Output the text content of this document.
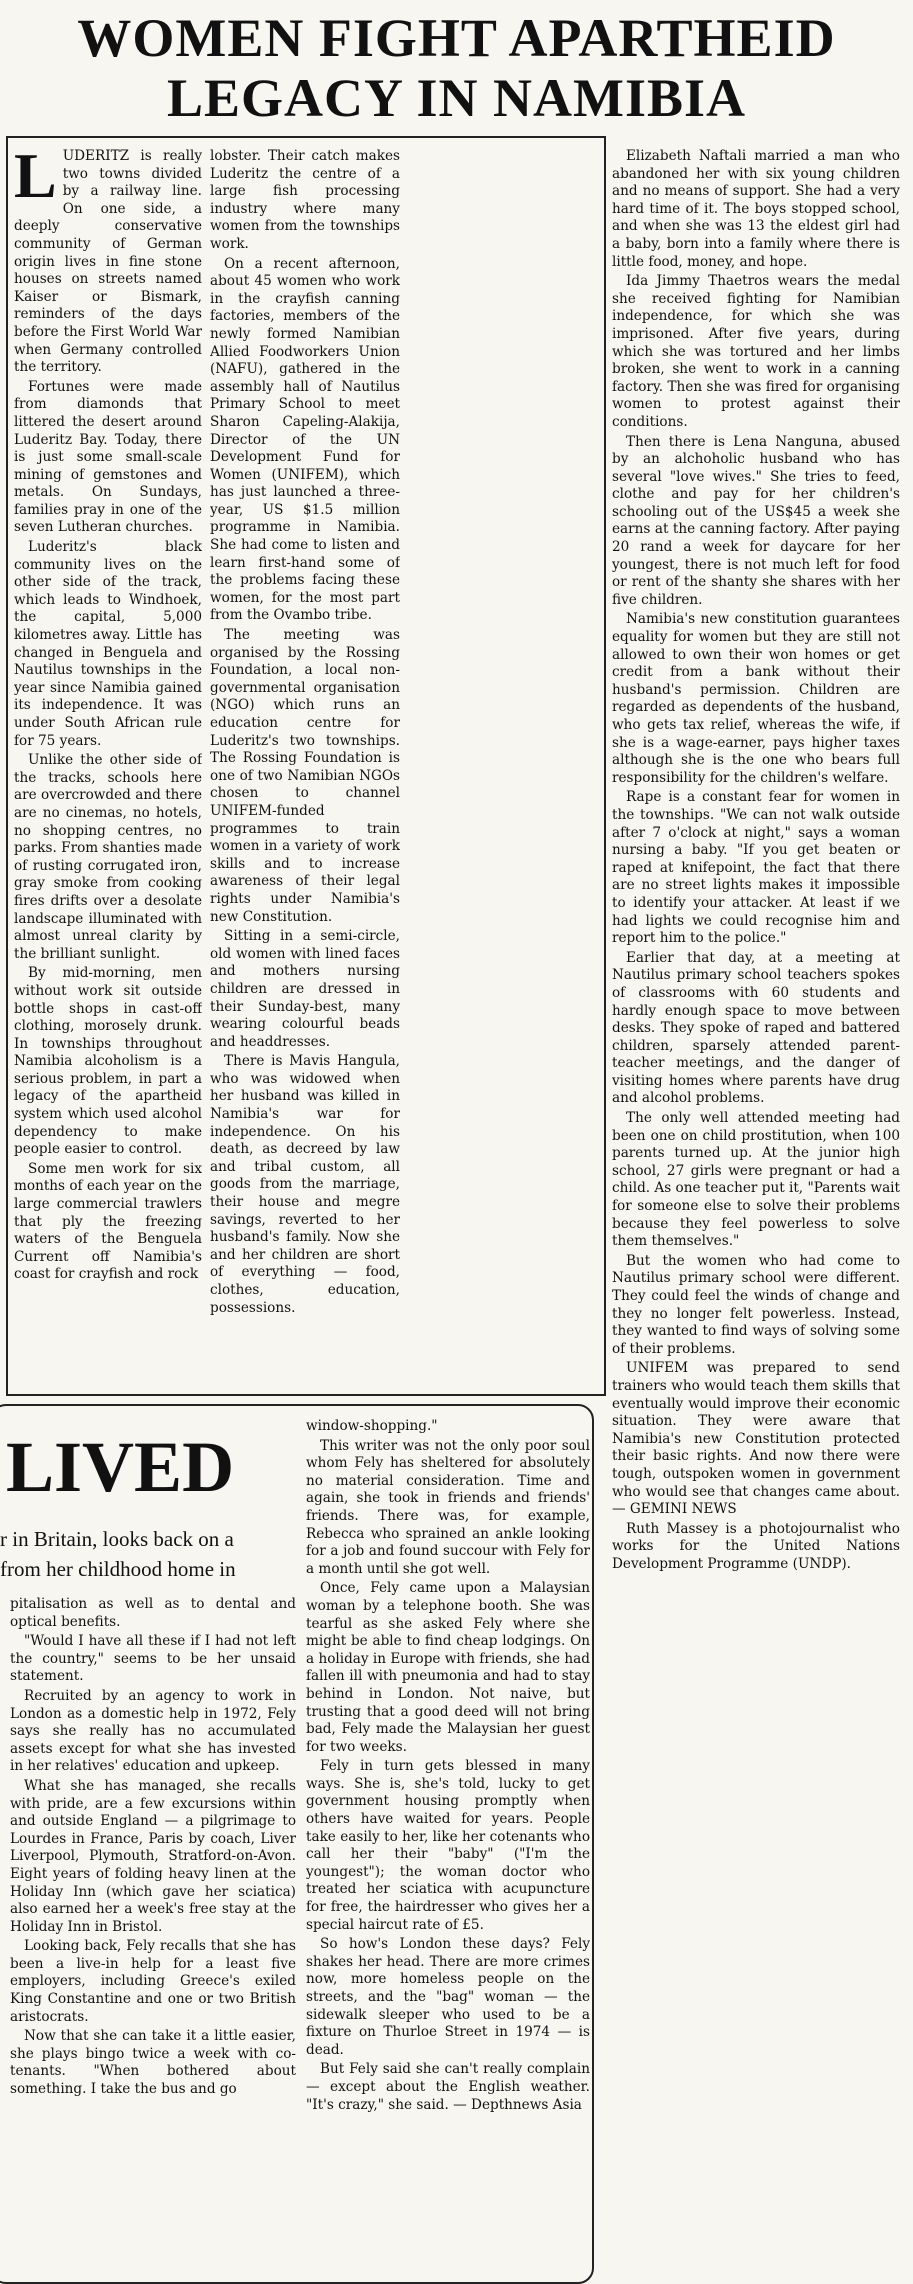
WOMEN FIGHT APARTHEID
LEGACY IN NAMIBIA

LUDERITZ is really two towns divided by a railway line. On one side, a deeply conservative community of German origin lives in fine stone houses on streets named Kaiser or Bismark, reminders of the days before the First World War when Germany controlled the territory.

Fortunes were made from diamonds that littered the desert around Luderitz Bay. Today, there is just some small-scale mining of gemstones and metals. On Sundays, families pray in one of the seven Lutheran churches.

Luderitz's black community lives on the other side of the track, which leads to Windhoek, the capital, 5,000 kilometres away. Little has changed in Benguela and Nautilus townships in the year since Namibia gained its independence. It was under South African rule for 75 years.

Unlike the other side of the tracks, schools here are overcrowded and there are no cinemas, no hotels, no shopping centres, no parks. From shanties made of rusting corrugated iron, gray smoke from cooking fires drifts over a desolate landscape illuminated with almost unreal clarity by the brilliant sunlight.

By mid-morning, men without work sit outside bottle shops in cast-off clothing, morosely drunk. In townships throughout Namibia alcoholism is a serious problem, in part a legacy of the apartheid system which used alcohol dependency to make people easier to control.

Some men work for six months of each year on the large commercial trawlers that ply the freezing waters of the Benguela Current off Namibia's coast for crayfish and rock

lobster. Their catch makes Luderitz the centre of a large fish processing industry where many women from the townships work.

On a recent afternoon, about 45 women who work in the crayfish canning factories, members of the newly formed Namibian Allied Foodworkers Union (NAFU), gathered in the assembly hall of Nautilus Primary School to meet Sharon Capeling-Alakija, Director of the UN Development Fund for Women (UNIFEM), which has just launched a three-year, US $1.5 million programme in Namibia. She had come to listen and learn first-hand some of the problems facing these women, for the most part from the Ovambo tribe.

The meeting was organised by the Rossing Foundation, a local non-governmental organisation (NGO) which runs an education centre for Luderitz's two townships. The Rossing Foundation is one of two Namibian NGOs chosen to channel UNIFEM-funded programmes to train women in a variety of work skills and to increase awareness of their legal rights under Namibia's new Constitution.

Sitting in a semi-circle, old women with lined faces and mothers nursing children are dressed in their Sunday-best, many wearing colourful beads and headdresses.

There is Mavis Hangula, who was widowed when her husband was killed in Namibia's war for independence. On his death, as decreed by law and tribal custom, all goods from the marriage, their house and megre savings, reverted to her husband's family. Now she and her children are short of everything — food, clothes, education, possessions.

Elizabeth Naftali married a man who abandoned her with six young children and no means of support. She had a very hard time of it. The boys stopped school, and when she was 13 the eldest girl had a baby, born into a family where there is little food, money, and hope.

Ida Jimmy Thaetros wears the medal she received fighting for Namibian independence, for which she was imprisoned. After five years, during which she was tortured and her limbs broken, she went to work in a canning factory. Then she was fired for organising women to protest against their conditions.

Then there is Lena Nanguna, abused by an alchoholic husband who has several "love wives." She tries to feed, clothe and pay for her children's schooling out of the US$45 a week she earns at the canning factory. After paying 20 rand a week for daycare for her youngest, there is not much left for food or rent of the shanty she shares with her five children.

Namibia's new constitution guarantees equality for women but they are still not allowed to own their won homes or get credit from a bank without their husband's permission. Children are regarded as dependents of the husband, who gets tax relief, whereas the wife, if she is a wage-earner, pays higher taxes although she is the one who bears full responsibility for the children's welfare.

Rape is a constant fear for women in the townships. "We can not walk outside after 7 o'clock at night," says a woman nursing a baby. "If you get beaten or raped at knifepoint, the fact that there are no street lights makes it impossible to identify your attacker. At least if we had lights we could recognise him and report him to the police."

Earlier that day, at a meeting at Nautilus primary school teachers spokes of classrooms with 60 students and hardly enough space to move between desks. They spoke of raped and battered children, sparsely attended parent-teacher meetings, and the danger of visiting homes where parents have drug and alcohol problems.

The only well attended meeting had been one on child prostitution, when 100 parents turned up. At the junior high school, 27 girls were pregnant or had a child. As one teacher put it, "Parents wait for someone else to solve their problems because they feel powerless to solve them themselves."

But the women who had come to Nautilus primary school were different. They could feel the winds of change and they no longer felt powerless. Instead, they wanted to find ways of solving some of their problems.

UNIFEM was prepared to send trainers who would teach them skills that eventually would improve their economic situation. They were aware that Namibia's new Constitution protected their basic rights. And now there were tough, outspoken women in government who would see that changes came about. — GEMINI NEWS

Ruth Massey is a photojournalist who works for the United Nations Development Programme (UNDP).

LIVED
r in Britain, looks back on a
from her childhood home in

pitalisation as well as to dental and optical benefits.

"Would I have all these if I had not left the country," seems to be her unsaid statement.

Recruited by an agency to work in London as a domestic help in 1972, Fely says she really has no accumulated assets except for what she has invested in her relatives' education and upkeep.

What she has managed, she recalls with pride, are a few excursions within and outside England — a pilgrimage to Lourdes in France, Paris by coach, Liver Liverpool, Plymouth, Stratford-on-Avon. Eight years of folding heavy linen at the Holiday Inn (which gave her sciatica) also earned her a week's free stay at the Holiday Inn in Bristol.

Looking back, Fely recalls that she has been a live-in help for a least five employers, including Greece's exiled King Constantine and one or two British aristocrats.

Now that she can take it a little easier, she plays bingo twice a week with co-tenants. "When bothered about something. I take the bus and go

window-shopping."

This writer was not the only poor soul whom Fely has sheltered for absolutely no material consideration. Time and again, she took in friends and friends' friends. There was, for example, Rebecca who sprained an ankle looking for a job and found succour with Fely for a month until she got well.

Once, Fely came upon a Malaysian woman by a telephone booth. She was tearful as she asked Fely where she might be able to find cheap lodgings. On a holiday in Europe with friends, she had fallen ill with pneumonia and had to stay behind in London. Not naive, but trusting that a good deed will not bring bad, Fely made the Malaysian her guest for two weeks.

Fely in turn gets blessed in many ways. She is, she's told, lucky to get government housing promptly when others have waited for years. People take easily to her, like her cotenants who call her their "baby" ("I'm the youngest"); the woman doctor who treated her sciatica with acupuncture for free, the hairdresser who gives her a special haircut rate of £5.

So how's London these days? Fely shakes her head. There are more crimes now, more homeless people on the streets, and the "bag" woman — the sidewalk sleeper who used to be a fixture on Thurloe Street in 1974 — is dead.

But Fely said she can't really complain — except about the English weather. "It's crazy," she said. — Depthnews Asia
